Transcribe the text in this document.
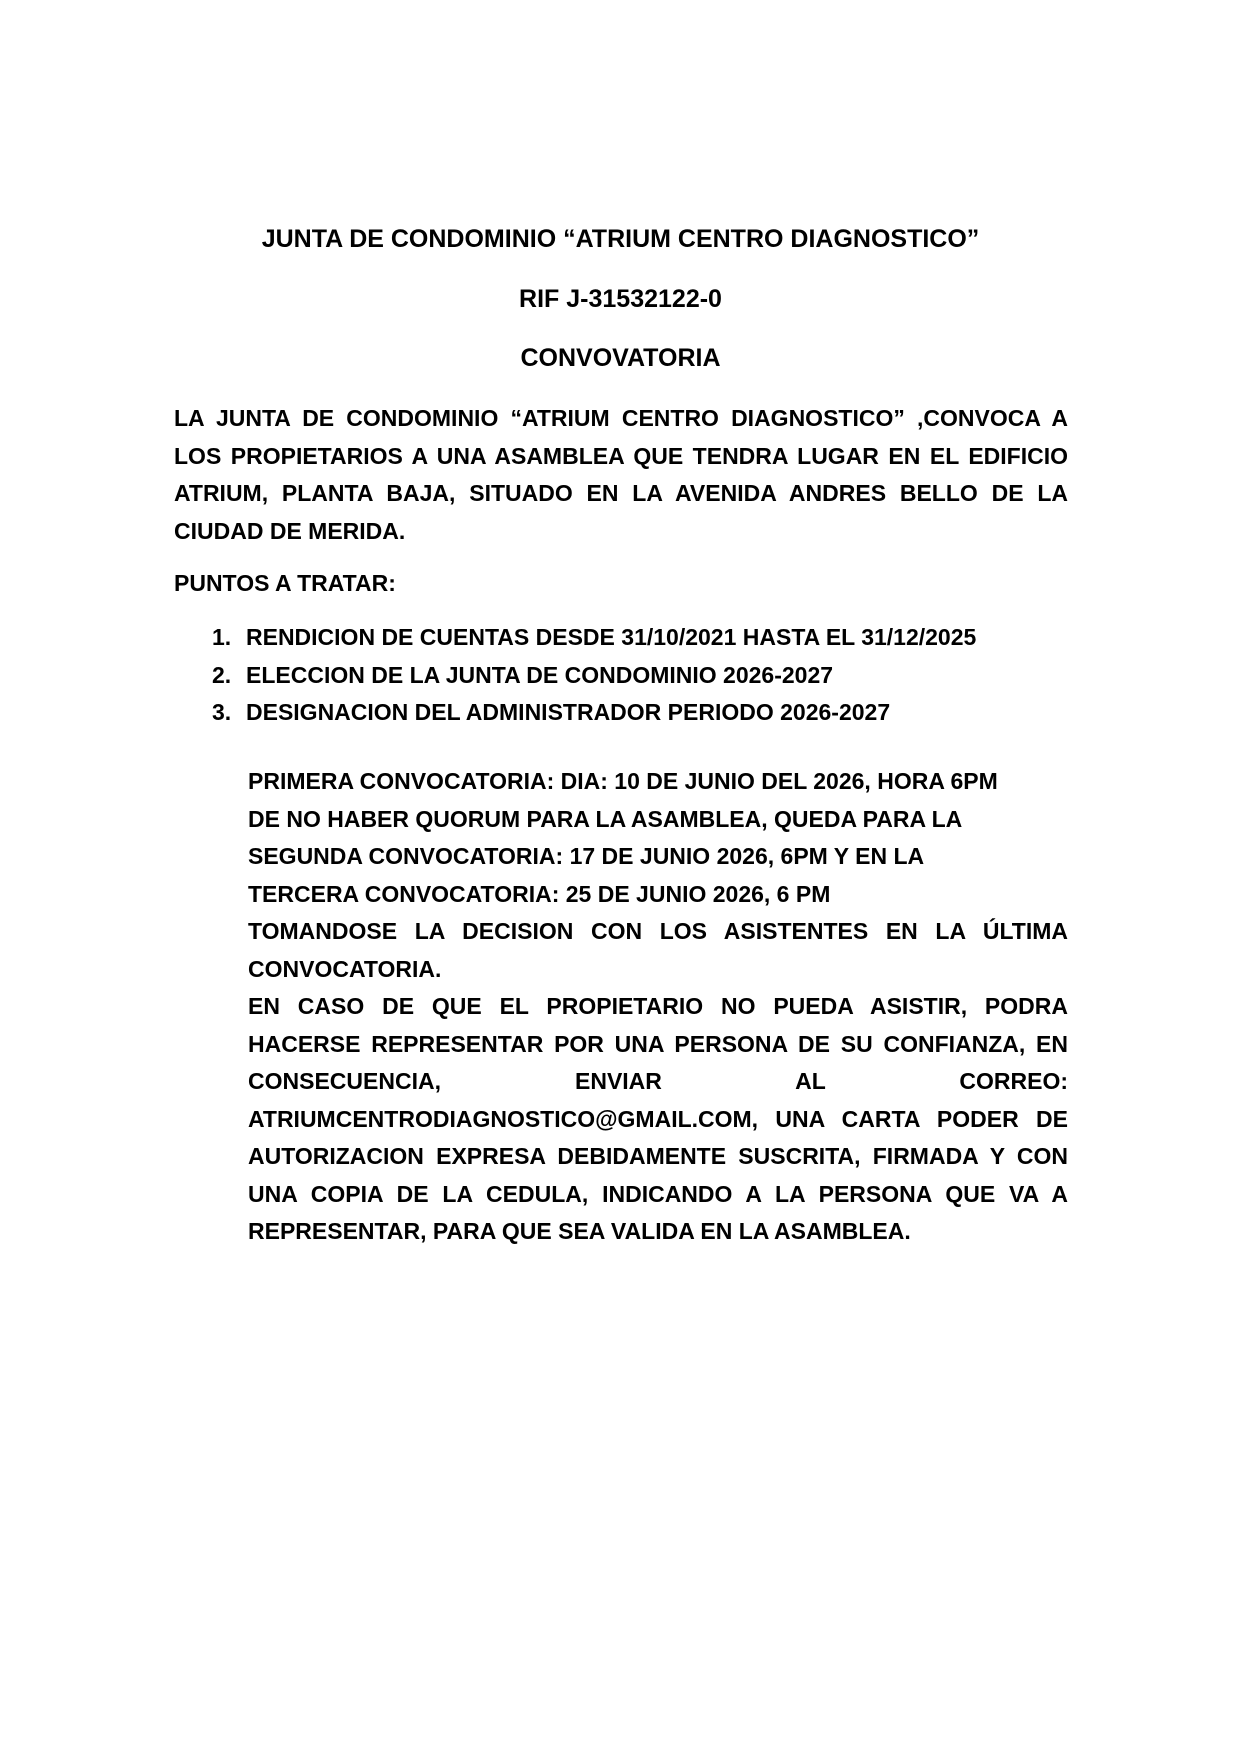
JUNTA DE CONDOMINIO “ATRIUM CENTRO DIAGNOSTICO”
RIF J-31532122-0
CONVOVATORIA

LA JUNTA DE CONDOMINIO “ATRIUM CENTRO DIAGNOSTICO” ,CONVOCA A LOS PROPIETARIOS A UNA ASAMBLEA QUE TENDRA LUGAR EN EL EDIFICIO ATRIUM, PLANTA BAJA, SITUADO EN LA AVENIDA ANDRES BELLO DE LA CIUDAD DE MERIDA.

PUNTOS A TRATAR:
1. RENDICION DE CUENTAS DESDE 31/10/2021 HASTA EL 31/12/2025
2. ELECCION DE LA JUNTA DE CONDOMINIO 2026-2027
3. DESIGNACION DEL ADMINISTRADOR PERIODO 2026-2027
PRIMERA CONVOCATORIA: DIA: 10 DE JUNIO DEL 2026, HORA 6PM
DE NO HABER QUORUM PARA LA ASAMBLEA, QUEDA PARA LA
SEGUNDA CONVOCATORIA: 17 DE JUNIO 2026, 6PM Y EN LA
TERCERA CONVOCATORIA: 25 DE JUNIO 2026, 6 PM

TOMANDOSE LA DECISION CON LOS ASISTENTES EN LA ÚLTIMA CONVOCATORIA.

EN CASO DE QUE EL PROPIETARIO NO PUEDA ASISTIR, PODRA HACERSE REPRESENTAR POR UNA PERSONA DE SU CONFIANZA, EN CONSECUENCIA, ENVIAR AL CORREO: ATRIUMCENTRODIAGNOSTICO@GMAIL.COM, UNA CARTA PODER DE AUTORIZACION EXPRESA DEBIDAMENTE SUSCRITA, FIRMADA Y CON UNA COPIA DE LA CEDULA, INDICANDO A LA PERSONA QUE VA A REPRESENTAR, PARA QUE SEA VALIDA EN LA ASAMBLEA.
